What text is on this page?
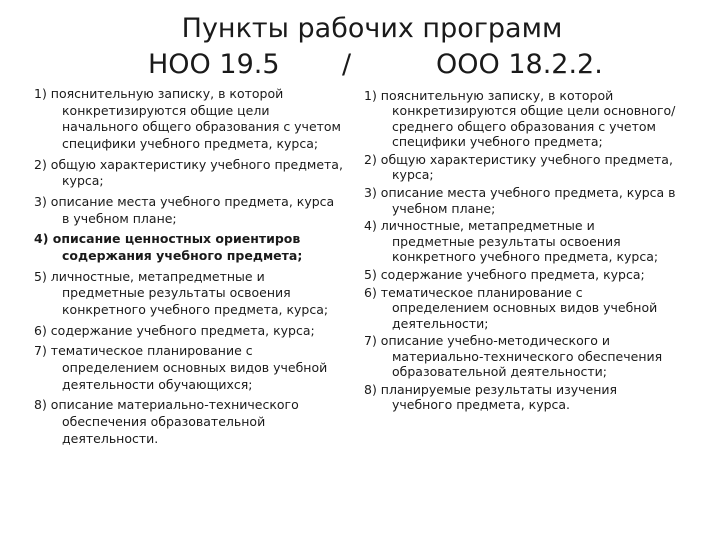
Пункты рабочих программ
НОО 19.5 /	ООО 18.2.2.
1) пояснительную записку, в которой конкретизируются общие цели начального общего образования с учетом специфики учебного предмета, курса;
2) общую характеристику учебного предмета, курса;
3) описание места учебного предмета, курса в учебном плане;
4) описание ценностных ориентиров содержания учебного предмета;
5) личностные, метапредметные и предметные результаты освоения конкретного учебного предмета, курса;
6) содержание учебного предмета, курса;
7) тематическое планирование с определением основных видов учебной деятельности обучающихся;
8) описание материально-технического обеспечения образовательной деятельности.
1) пояснительную записку, в которой конкретизируются общие цели основного/ среднего общего образования с учетом специфики учебного предмета;
2) общую характеристику учебного предмета, курса;
3) описание места учебного предмета, курса в учебном плане;
4) личностные, метапредметные и предметные результаты освоения конкретного учебного предмета, курса;
5) содержание учебного предмета, курса;
6) тематическое планирование с определением основных видов учебной деятельности;
7) описание учебно-методического и материально-технического обеспечения образовательной деятельности;
8) планируемые результаты изучения учебного предмета, курса.
